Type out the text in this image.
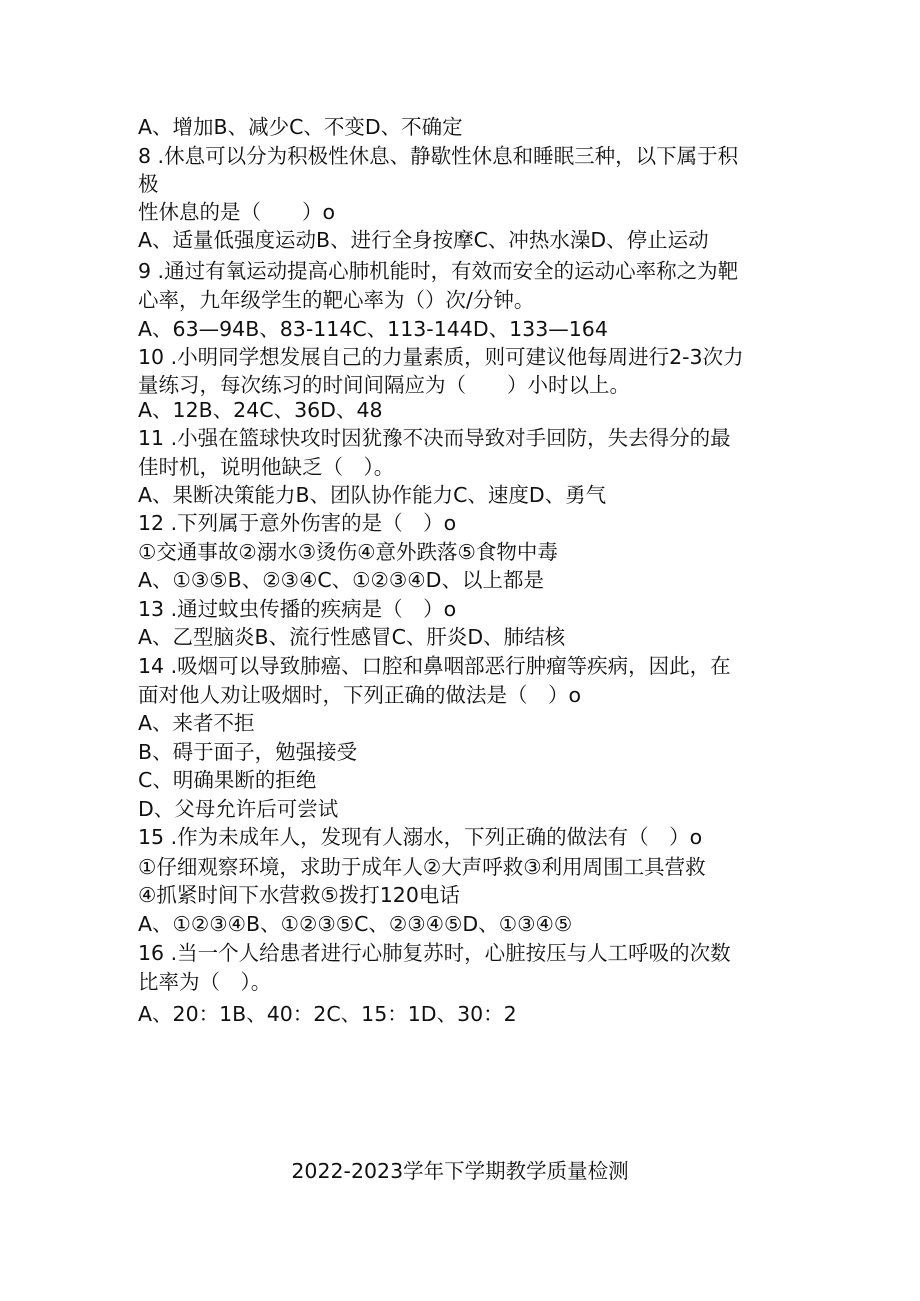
A、增加B、减少C、不变D、不确定
8 .休息可以分为积极性休息、静歇性休息和睡眠三种，以下属于积
极
性休息的是（　　）o
A、适量低强度运动B、进行全身按摩C、冲热水澡D、停止运动
9 .通过有氧运动提高心肺机能时，有效而安全的运动心率称之为靶
心率，九年级学生的靶心率为（）次/分钟。
A、63—94B、83-114C、113-144D、133—164
10 .小明同学想发展自己的力量素质，则可建议他每周进行2-3次力
量练习，每次练习的时间间隔应为（　　）小时以上。
A、12B、24C、36D、48
11 .小强在篮球快攻时因犹豫不决而导致对手回防，失去得分的最
佳时机，说明他缺乏（　）。
A、果断决策能力B、团队协作能力C、速度D、勇气
12 .下列属于意外伤害的是（　）o
①交通事故②溺水③烫伤④意外跌落⑤食物中毒
A、①③⑤B、②③④C、①②③④D、以上都是
13 .通过蚊虫传播的疾病是（　）o
A、乙型脑炎B、流行性感冒C、肝炎D、肺结核
14 .吸烟可以导致肺癌、口腔和鼻咽部恶行肿瘤等疾病，因此，在
面对他人劝让吸烟时，下列正确的做法是（　）o
A、来者不拒
B、碍于面子，勉强接受
C、明确果断的拒绝
D、父母允许后可尝试
15 .作为未成年人，发现有人溺水，下列正确的做法有（　）o
①仔细观察环境，求助于成年人②大声呼救③利用周围工具营救
④抓紧时间下水营救⑤拨打120电话
A、①②③④B、①②③⑤C、②③④⑤D、①③④⑤
16 .当一个人给患者进行心肺复苏时，心脏按压与人工呼吸的次数
比率为（　）。
A、20：1B、40：2C、15：1D、30：2
2022-2023学年下学期教学质量检测
